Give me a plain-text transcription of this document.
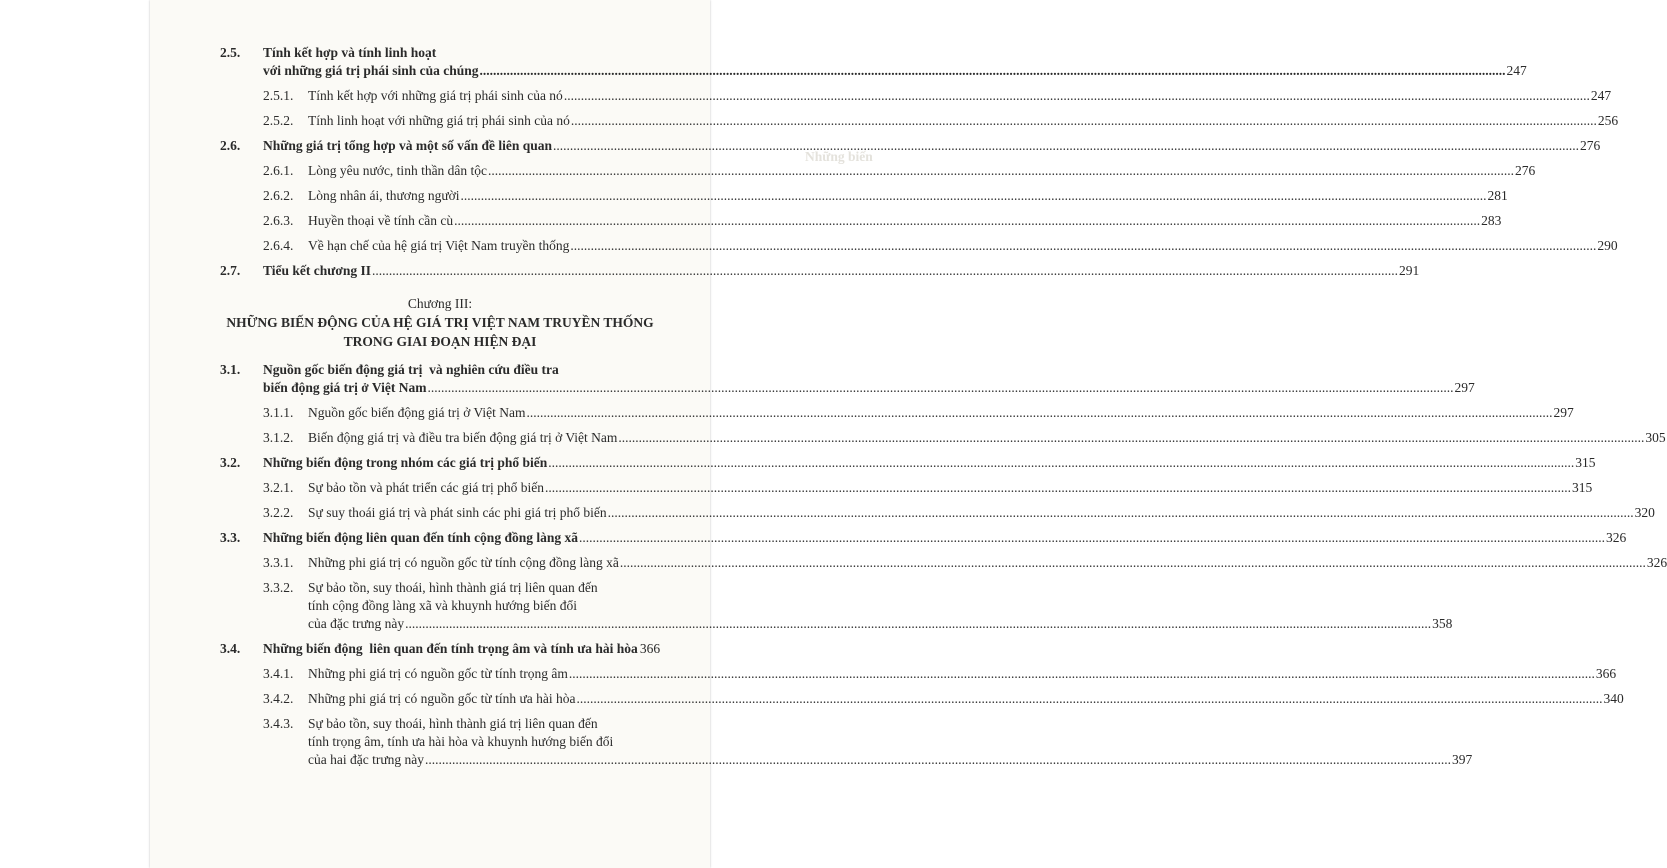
2.5.	Tính kết hợp và tính linh hoạt
với những giá trị phái sinh của chúng .....	247
2.5.1.	Tính kết hợp với những giá trị phái sinh của nó .....	247
2.5.2.	Tính linh hoạt với những giá trị phái sinh của nó .....	256
2.6.	Những giá trị tổng hợp và một số vấn đề liên quan .....	276
2.6.1.	Lòng yêu nước, tinh thần dân tộc .....	276
2.6.2.	Lòng nhân ái, thương người .....	281
2.6.3.	Huyền thoại về tính cần cù .....	283
2.6.4.	Về hạn chế của hệ giá trị Việt Nam truyền thống .....	290
2.7.	Tiểu kết chương II .....	291
Chương III:
NHỮNG BIẾN ĐỘNG CỦA HỆ GIÁ TRỊ VIỆT NAM TRUYỀN THỐNG
TRONG GIAI ĐOẠN HIỆN ĐẠI
3.1.	Nguồn gốc biến động giá trị  và nghiên cứu điều tra
biến động giá trị ở Việt Nam .....	297
3.1.1.	Nguồn gốc biến động giá trị ở Việt Nam .....	297
3.1.2.	Biến động giá trị và điều tra biến động giá trị ở Việt Nam .....	305
3.2.	Những biến động trong nhóm các giá trị phổ biến .....	315
3.2.1.	Sự bảo tồn và phát triển các giá trị phổ biến .....	315
3.2.2.	Sự suy thoái giá trị và phát sinh các phi giá trị phổ biến .....	320
3.3.	Những biến động liên quan đến tính cộng đồng làng xã .....	326
3.3.1.	Những phi giá trị có nguồn gốc từ tính cộng đồng làng xã .....	326
3.3.2.	Sự bảo tồn, suy thoái, hình thành giá trị liên quan đến
tính cộng đồng làng xã và khuynh hướng biến đổi
của đặc trưng này .....	358
3.4.	Những biến động  liên quan đến tính trọng âm và tính ưa hài hòa 366
3.4.1.	Những phi giá trị có nguồn gốc từ tính trọng âm .....	366
3.4.2.	Những phi giá trị có nguồn gốc từ tính ưa hài hòa .....	340
3.4.3.	Sự bảo tồn, suy thoái, hình thành giá trị liên quan đến
tính trọng âm, tính ưa hài hòa và khuynh hướng biến đổi
của hai đặc trưng này .....	397
Những biến
